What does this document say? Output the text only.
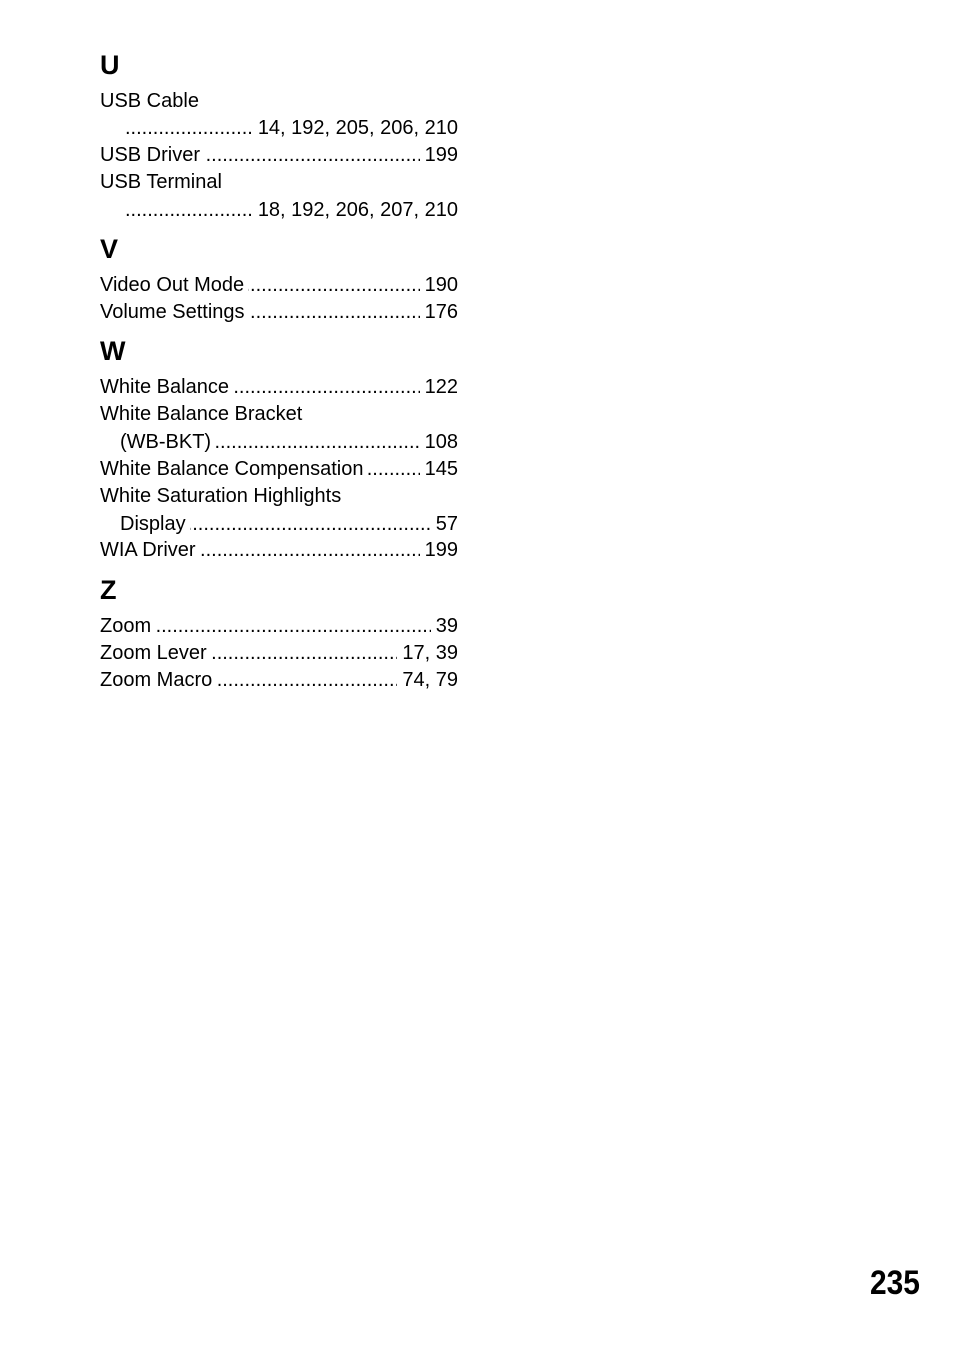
U
USB Cable
.....
14, 192, 205, 206, 210
.....
USB Driver	199
USB Terminal
.....
18, 192, 206, 207, 210
V
.....
Video Out Mode	190
.....
Volume Settings	176
W
.....
White Balance	122
White Balance Bracket
.....
(WB-BKT)	108
.....
White Balance Compensation	145
White Saturation Highlights
.....
Display	57
.....
WIA Driver	199
Z
.....
Zoom	39
.....
Zoom Lever	17, 39
.....
Zoom Macro	74, 79
235
